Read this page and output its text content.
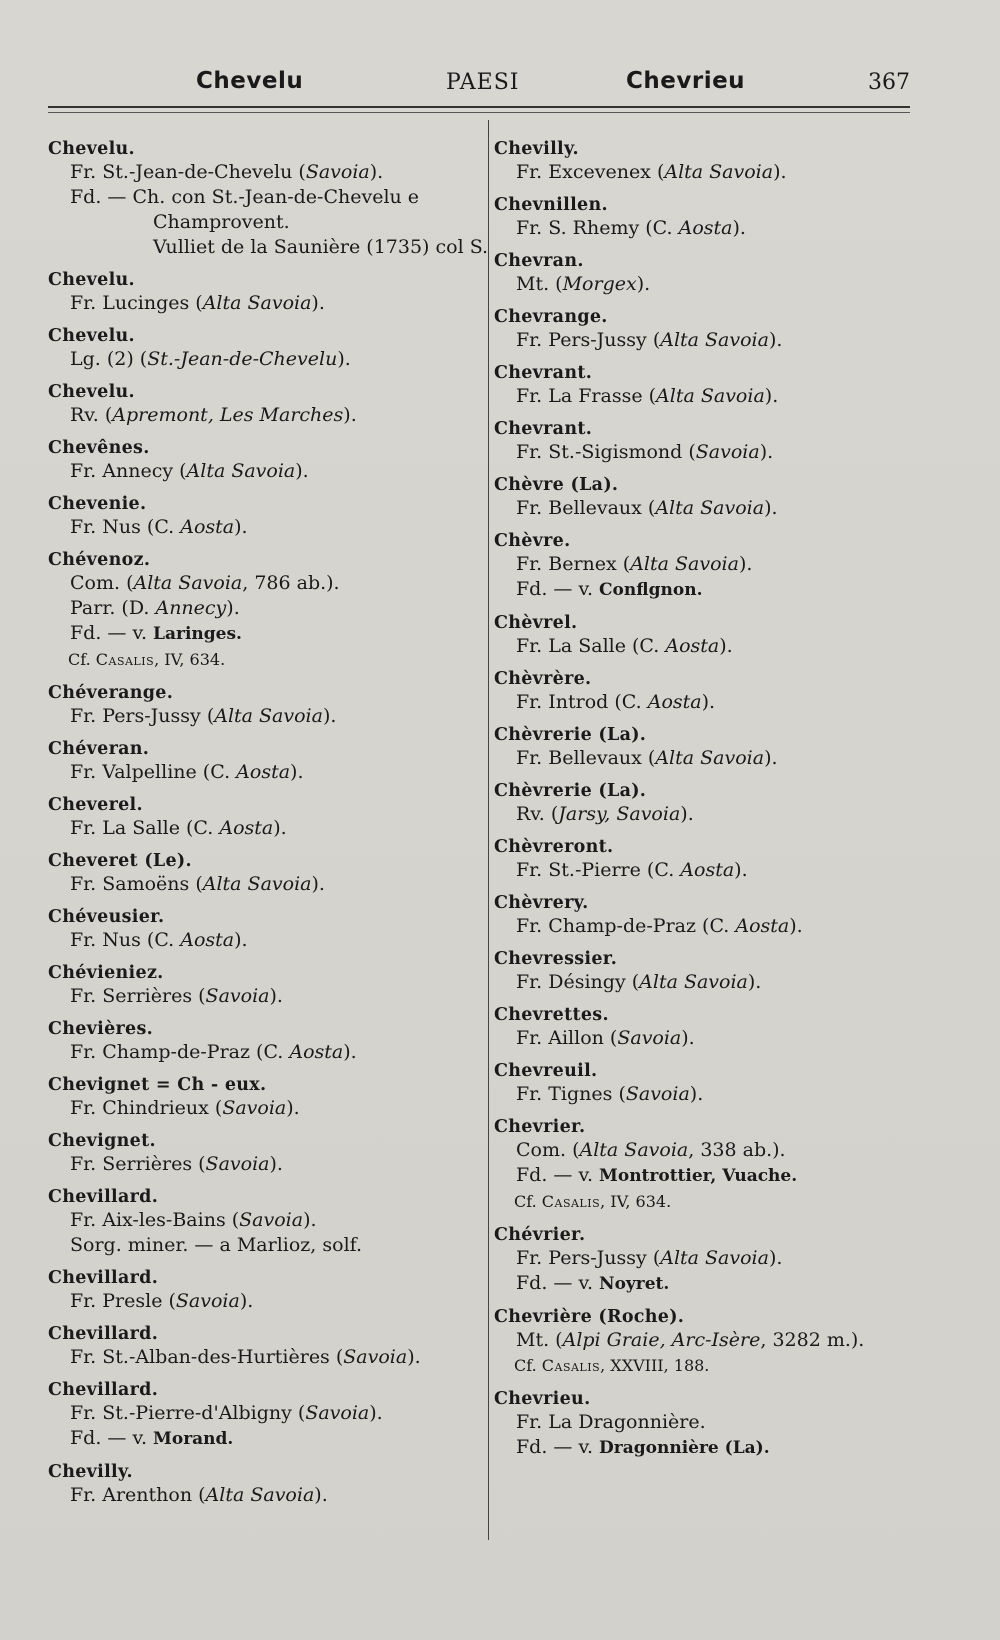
Chevelu	PAESI	Chevrieu	367
Chevelu.
Fr. St.-Jean-de-Chevelu (Savoia).
Fd. — Ch. con St.-Jean-de-Chevelu e
Champrovent.
Vulliet de la Saunière (1735) col S.
Chevelu.
Fr. Lucinges (Alta Savoia).
Chevelu.
Lg. (2) (St.-Jean-de-Chevelu).
Chevelu.
Rv. (Apremont, Les Marches).
Chevênes.
Fr. Annecy (Alta Savoia).
Chevenie.
Fr. Nus (C. Aosta).
Chévenoz.
Com. (Alta Savoia, 786 ab.).
Parr. (D. Annecy).
Fd. — v. Laringes.
Cf. Casalis, IV, 634.
Chéverange.
Fr. Pers-Jussy (Alta Savoia).
Chéveran.
Fr. Valpelline (C. Aosta).
Cheverel.
Fr. La Salle (C. Aosta).
Cheveret (Le).
Fr. Samoëns (Alta Savoia).
Chéveusier.
Fr. Nus (C. Aosta).
Chévieniez.
Fr. Serrières (Savoia).
Chevières.
Fr. Champ-de-Praz (C. Aosta).
Chevignet = Ch - eux.
Fr. Chindrieux (Savoia).
Chevignet.
Fr. Serrières (Savoia).
Chevillard.
Fr. Aix-les-Bains (Savoia).
Sorg. miner. — a Marlioz, solf.
Chevillard.
Fr. Presle (Savoia).
Chevillard.
Fr. St.-Alban-des-Hurtières (Savoia).
Chevillard.
Fr. St.-Pierre-d'Albigny (Savoia).
Fd. — v. Morand.
Chevilly.
Fr. Arenthon (Alta Savoia).
Chevilly.
Fr. Excevenex (Alta Savoia).
Chevnillen.
Fr. S. Rhemy (C. Aosta).
Chevran.
Mt. (Morgex).
Chevrange.
Fr. Pers-Jussy (Alta Savoia).
Chevrant.
Fr. La Frasse (Alta Savoia).
Chevrant.
Fr. St.-Sigismond (Savoia).
Chèvre (La).
Fr. Bellevaux (Alta Savoia).
Chèvre.
Fr. Bernex (Alta Savoia).
Fd. — v. Conflgnon.
Chèvrel.
Fr. La Salle (C. Aosta).
Chèvrère.
Fr. Introd (C. Aosta).
Chèvrerie (La).
Fr. Bellevaux (Alta Savoia).
Chèvrerie (La).
Rv. (Jarsy, Savoia).
Chèvreront.
Fr. St.-Pierre (C. Aosta).
Chèvrery.
Fr. Champ-de-Praz (C. Aosta).
Chevressier.
Fr. Désingy (Alta Savoia).
Chevrettes.
Fr. Aillon (Savoia).
Chevreuil.
Fr. Tignes (Savoia).
Chevrier.
Com. (Alta Savoia, 338 ab.).
Fd. — v. Montrottier, Vuache.
Cf. Casalis, IV, 634.
Chévrier.
Fr. Pers-Jussy (Alta Savoia).
Fd. — v. Noyret.
Chevrière (Roche).
Mt. (Alpi Graie, Arc-Isère, 3282 m.).
Cf. Casalis, XXVIII, 188.
Chevrieu.
Fr. La Dragonnière.
Fd. — v. Dragonnière (La).
